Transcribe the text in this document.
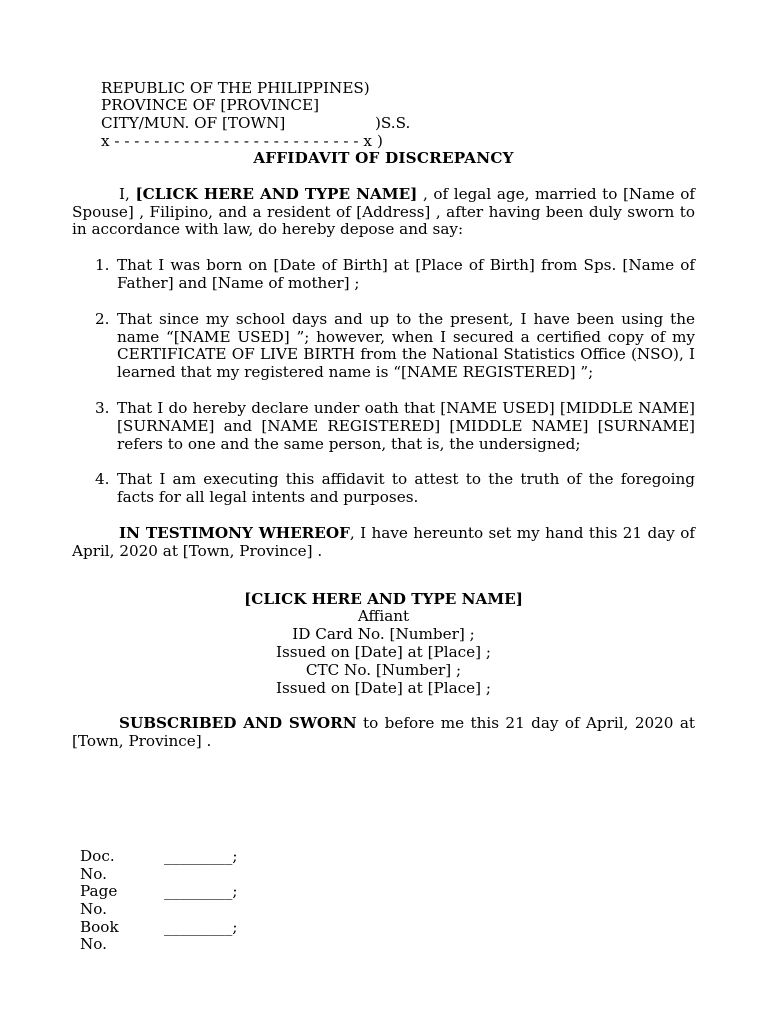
REPUBLIC OF THE PHILIPPINES)

PROVINCE OF [PROVINCE]

)S.S.

CITY/MUN. OF [TOWN]

)

x - - - - - - - - - - - - - - - - - - - - - - - - - x

AFFIDAVIT OF DISCREPANCY

I, [CLICK HERE AND TYPE NAME] , of legal age, married to [Name of Spouse] , Filipino, and a resident of [Address] , after having been duly sworn to in accordance with law, do hereby depose and say:

1. That I was born on [Date of Birth] at [Place of Birth] from Sps. [Name of Father] and [Name of mother] ;
2. That since my school days and up to the present, I have been using the name “[NAME USED] ”; however, when I secured a certified copy of my CERTIFICATE OF LIVE BIRTH from the National Statistics Office (NSO), I learned that my registered name is “[NAME REGISTERED] ”;
3. That I do hereby declare under oath that [NAME USED] [MIDDLE NAME] [SURNAME] and [NAME REGISTERED] [MIDDLE NAME] [SURNAME] refers to one and the same person, that is, the undersigned;
4. That I am executing this affidavit to attest to the truth of the foregoing facts for all legal intents and purposes.

IN TESTIMONY WHEREOF, I have hereunto set my hand this 21 day of April, 2020 at [Town, Province] .

[CLICK HERE AND TYPE NAME]
Affiant
ID Card No. [Number] ;
Issued on [Date] at [Place] ;
CTC No. [Number] ;
Issued on [Date] at [Place] ;

SUBSCRIBED AND SWORN to before me this 21 day of April, 2020 at [Town, Province] .

Doc. No.
_________;
Page No.
_________;
Book No.
_________;
